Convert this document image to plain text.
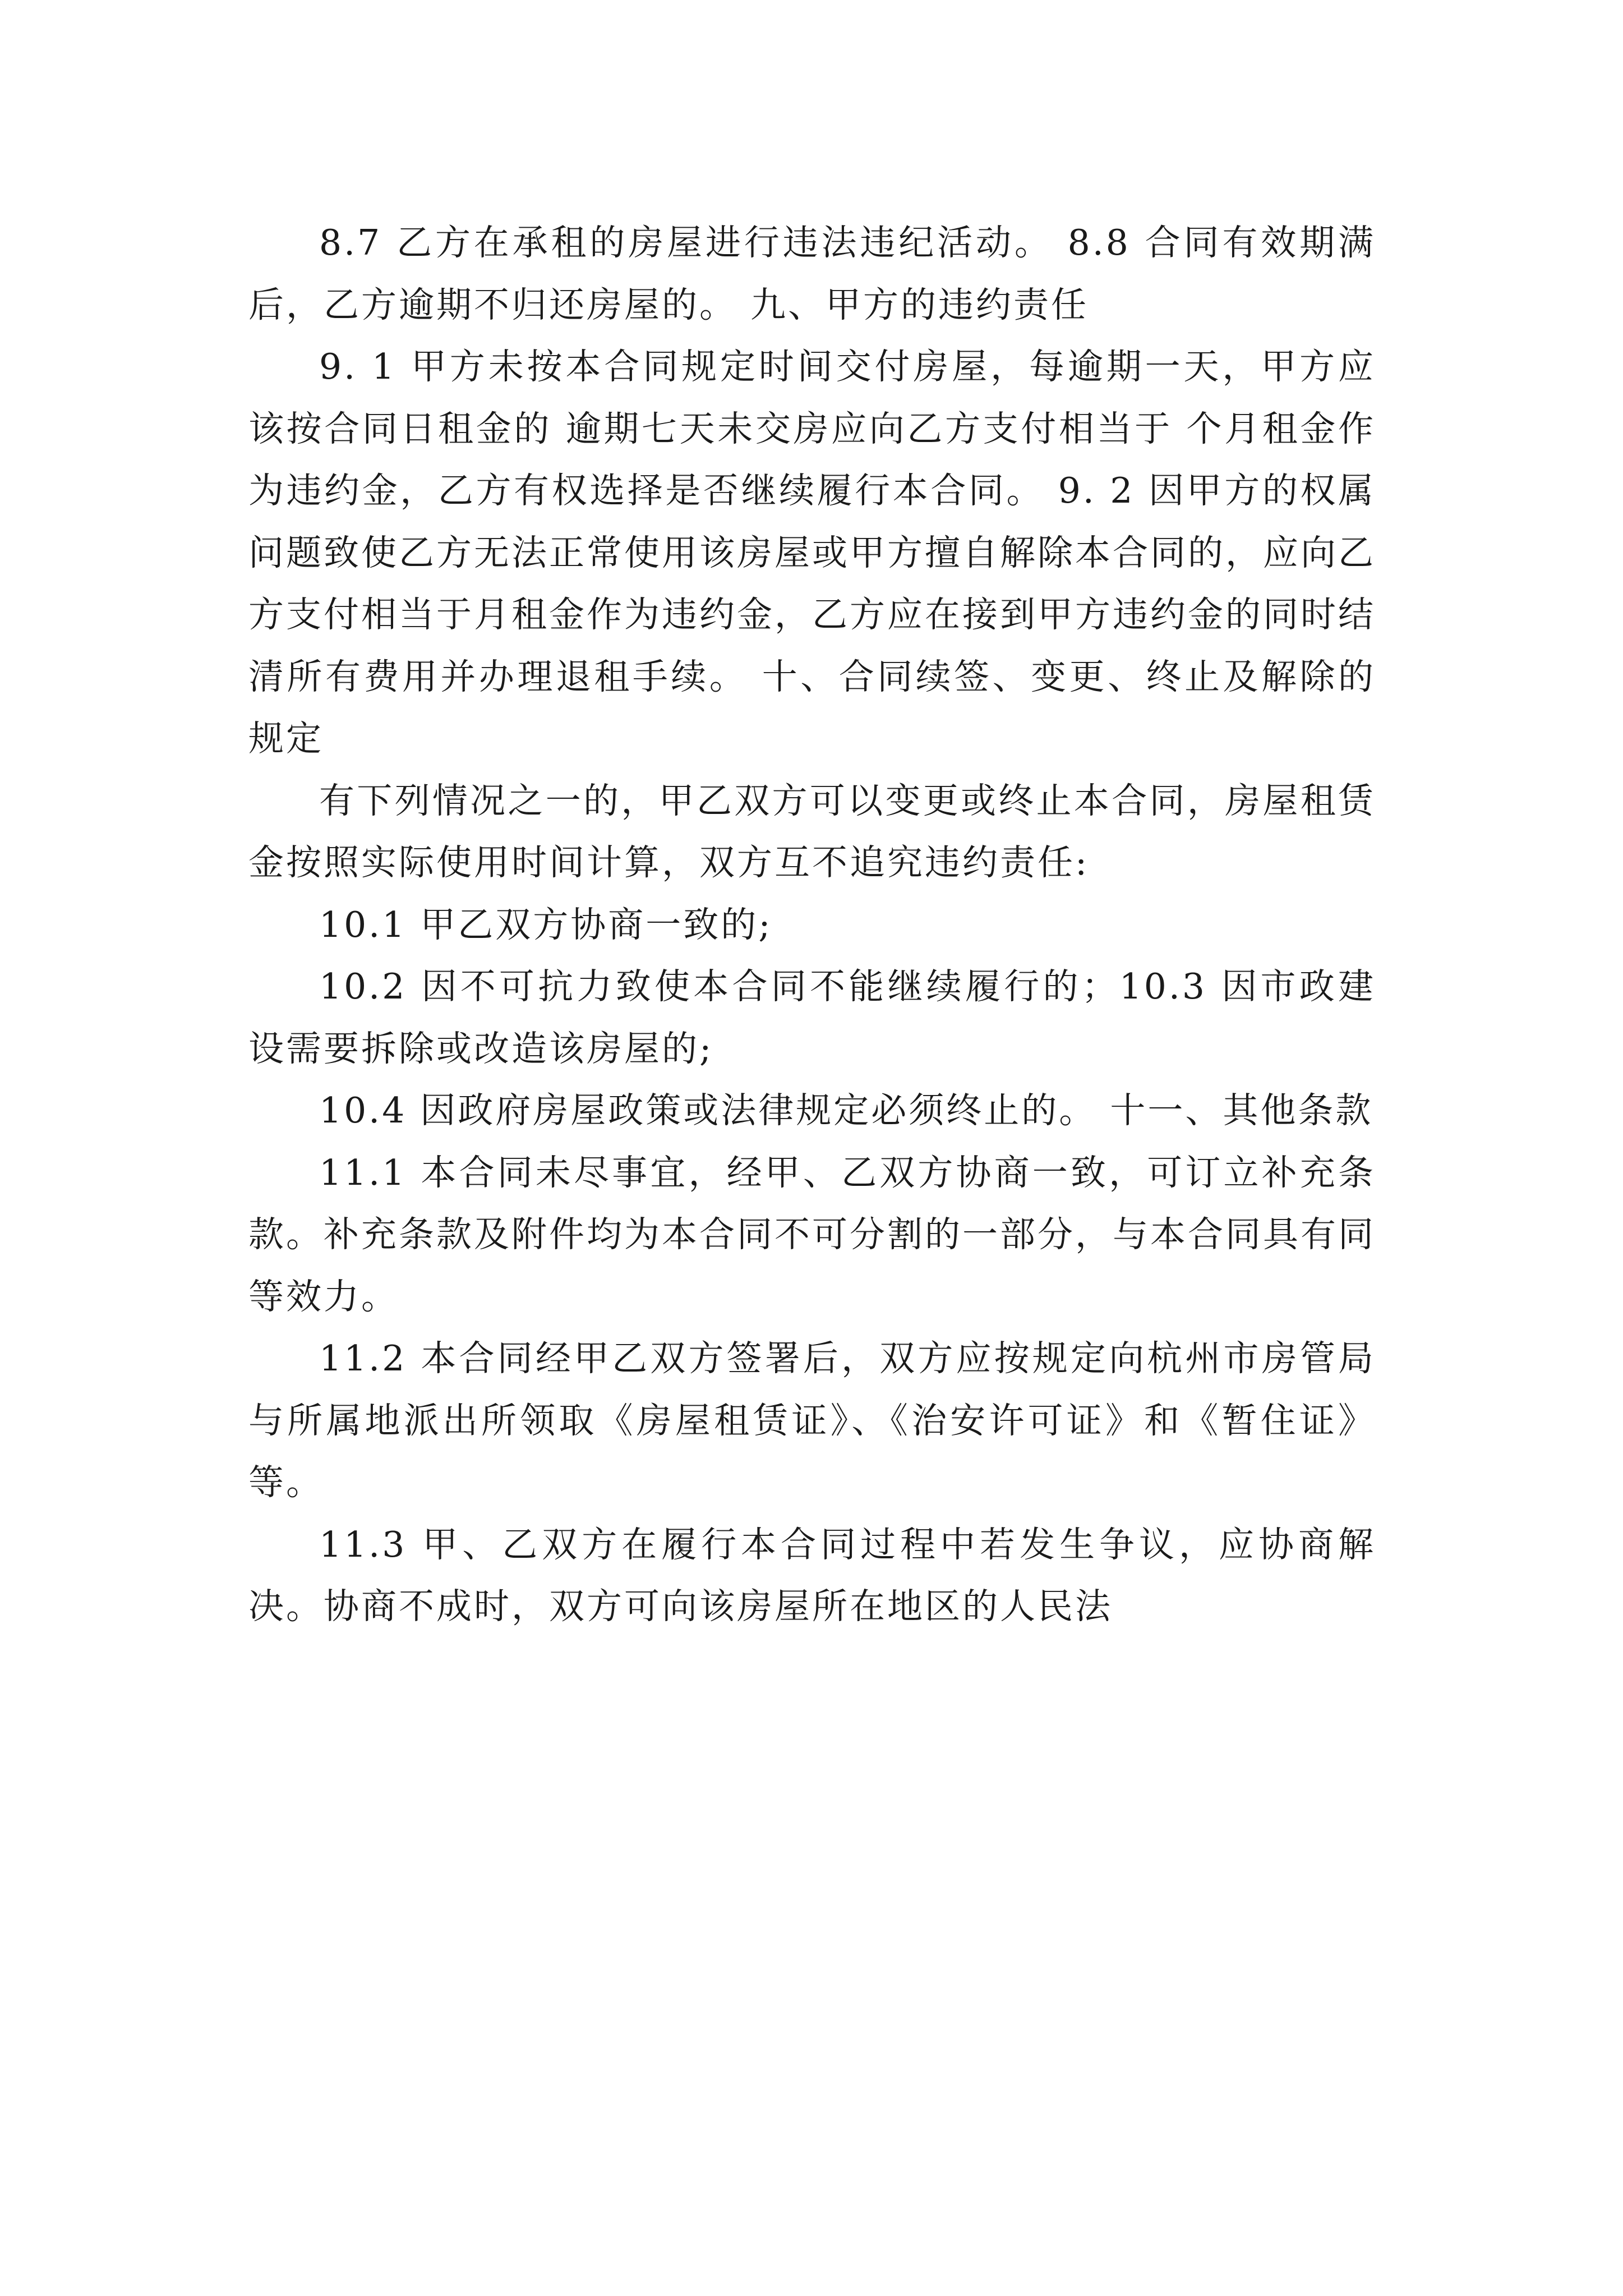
8.7 乙方在承租的房屋进行违法违纪活动。 8.8 合同有效期满后，乙方逾期不归还房屋的。 九、甲方的违约责任

9. 1 甲方未按本合同规定时间交付房屋，每逾期一天，甲方应该按合同日租金的 逾期七天未交房应向乙方支付相当于 个月租金作为违约金，乙方有权选择是否继续履行本合同。 9. 2 因甲方的权属问题致使乙方无法正常使用该房屋或甲方擅自解除本合同的，应向乙方支付相当于月租金作为违约金，乙方应在接到甲方违约金的同时结清所有费用并办理退租手续。 十、合同续签、变更、终止及解除的规定

有下列情况之一的，甲乙双方可以变更或终止本合同，房屋租赁金按照实际使用时间计算，双方互不追究违约责任:

10.1 甲乙双方协商一致的;

10.2 因不可抗力致使本合同不能继续履行的；10.3 因市政建设需要拆除或改造该房屋的;

10.4 因政府房屋政策或法律规定必须终止的。 十一、其他条款

11.1 本合同未尽事宜，经甲、乙双方协商一致，可订立补充条款。补充条款及附件均为本合同不可分割的一部分，与本合同具有同等效力。

11.2 本合同经甲乙双方签署后，双方应按规定向杭州市房管局与所属地派出所领取《房屋租赁证》、《治安许可证》和《暂住证》等。

11.3 甲、乙双方在履行本合同过程中若发生争议，应协商解决。协商不成时，双方可向该房屋所在地区的人民法
